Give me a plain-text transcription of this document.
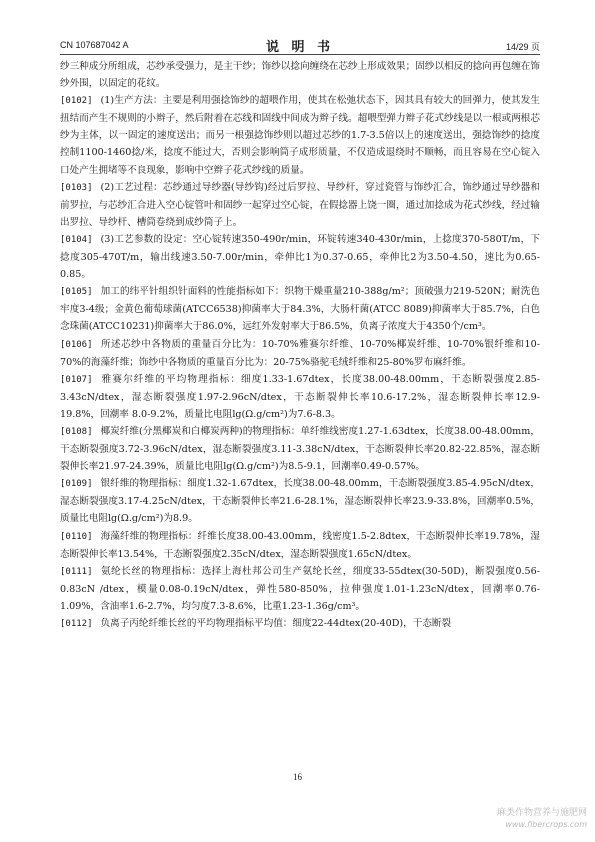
CN 107687042 A	说 明 书	14/29 页

纱三种成分所组成，芯纱承受强力，是主干纱；饰纱以捻向缠绕在芯纱上形成效果；固纱以相反的捻向再包缠在饰纱外围，以固定的花纹。

[0102] (1)生产方法：主要是利用强捻饰纱的超喂作用，使其在松弛状态下，因其具有较大的回弹力，使其发生扭结而产生不规则的小辫子，然后附着在芯线和固线中间成为辫子线。超喂型弹力辫子花式纱线是以一根或两根芯纱为主体，以一固定的速度送出；而另一根强捻饰纱则以超过芯纱的1.7-3.5倍以上的速度送出，强捻饰纱的捻度控制1100-1460捻/米，捻度不能过大，否则会影响筒子成形质量，不仅造成退绕时不顺畅，而且容易在空心锭入口处产生拥堵等不良现象，影响中空辫子花式纱线的质量。

[0103] (2)工艺过程：芯纱通过导纱器(导纱钩)经过后罗拉、导纱杆，穿过瓷管与饰纱汇合，饰纱通过导纱器和前罗拉，与芯纱汇合进入空心锭管叶和固纱一起穿过空心锭，在假捻器上饶一圈，通过加捻成为花式纱线，经过输出罗拉、导纱杆、槽筒卷绕到成纱筒子上。

[0104] (3)工艺参数的设定：空心锭转速350-490r/min，环锭转速340-430r/min，上捻度370-580T/m，下捻度305-470T/m，输出线速3.50-7.00r/min，牵伸比1为0.37-0.65，牵伸比2为3.50-4.50，速比为0.65-0.85。

[0105] 加工的纬平针组织针面料的性能指标如下：织物干燥重量210-388g/m²；顶破强力219-520N；耐洗色牢度3-4级；金黄色葡萄球菌(ATCC6538)抑菌率大于84.3%，大肠杆菌(ATCC 8089)抑菌率大于85.7%，白色念珠菌(ATCC10231)抑菌率大于86.0%，远红外发射率大于86.5%，负离子浓度大于4350个/cm³。

[0106] 所述芯纱中各物质的重量百分比为：10-70%雅赛尔纤维、10-70%椰炭纤维、10-70%银纤维和10-70%的海藻纤维；饰纱中各物质的重量百分比为：20-75%骆驼毛绒纤维和25-80%罗布麻纤维。

[0107] 雅赛尔纤维的平均物理指标：细度1.33-1.67dtex，长度38.00-48.00mm，干态断裂强度2.85-3.43cN/dtex，湿态断裂强度1.97-2.96cN/dtex，干态断裂伸长率10.6-17.2%，湿态断裂伸长率12.9-19.8%，回潮率 8.0-9.2%，质量比电阻lg(Ω.g/cm²)为7.6-8.3。

[0108] 椰炭纤维(分黑椰炭和白椰炭两种)的物理指标：单纤维线密度1.27-1.63dtex，长度38.00-48.00mm，干态断裂强度3.72-3.96cN/dtex，湿态断裂强度3.11-3.38cN/dtex，干态断裂伸长率20.82-22.85%，湿态断裂伸长率21.97-24.39%，质量比电阻lg(Ω.g/cm²)为8.5-9.1，回潮率0.49-0.57%。

[0109] 银纤维的物理指标：细度1.32-1.67dtex，长度38.00-48.00mm，干态断裂强度3.85-4.95cN/dtex，湿态断裂强度3.17-4.25cN/dtex，干态断裂伸长率21.6-28.1%，湿态断裂伸长率23.9-33.8%，回潮率0.5%，质量比电阻lg(Ω.g/cm²)为8.9。

[0110] 海藻纤维的物理指标：纤维长度38.00-43.00mm，线密度1.5-2.8dtex，干态断裂伸长率19.78%，湿态断裂伸长率13.54%，干态断裂强度2.35cN/dtex，湿态断裂强度1.65cN/dtex。

[0111] 氨纶长丝的物理指标：选择上海杜邦公司生产氨纶长丝，细度33-55dtex(30-50D)，断裂强度0.56-0.83cN /dtex，模量0.08-0.19cN/dtex，弹性580-850%，拉伸强度1.01-1.23cN/dtex，回潮率0.76-1.09%，含油率1.6-2.7%，均匀度7.3-8.6%，比重1.23-1.36g/cm³。

[0112] 负离子丙纶纤维长丝的平均物理指标平均值：细度22-44dtex(20-40D)，干态断裂

16
麻类作物营养与施肥网
www.fibercrops.com
